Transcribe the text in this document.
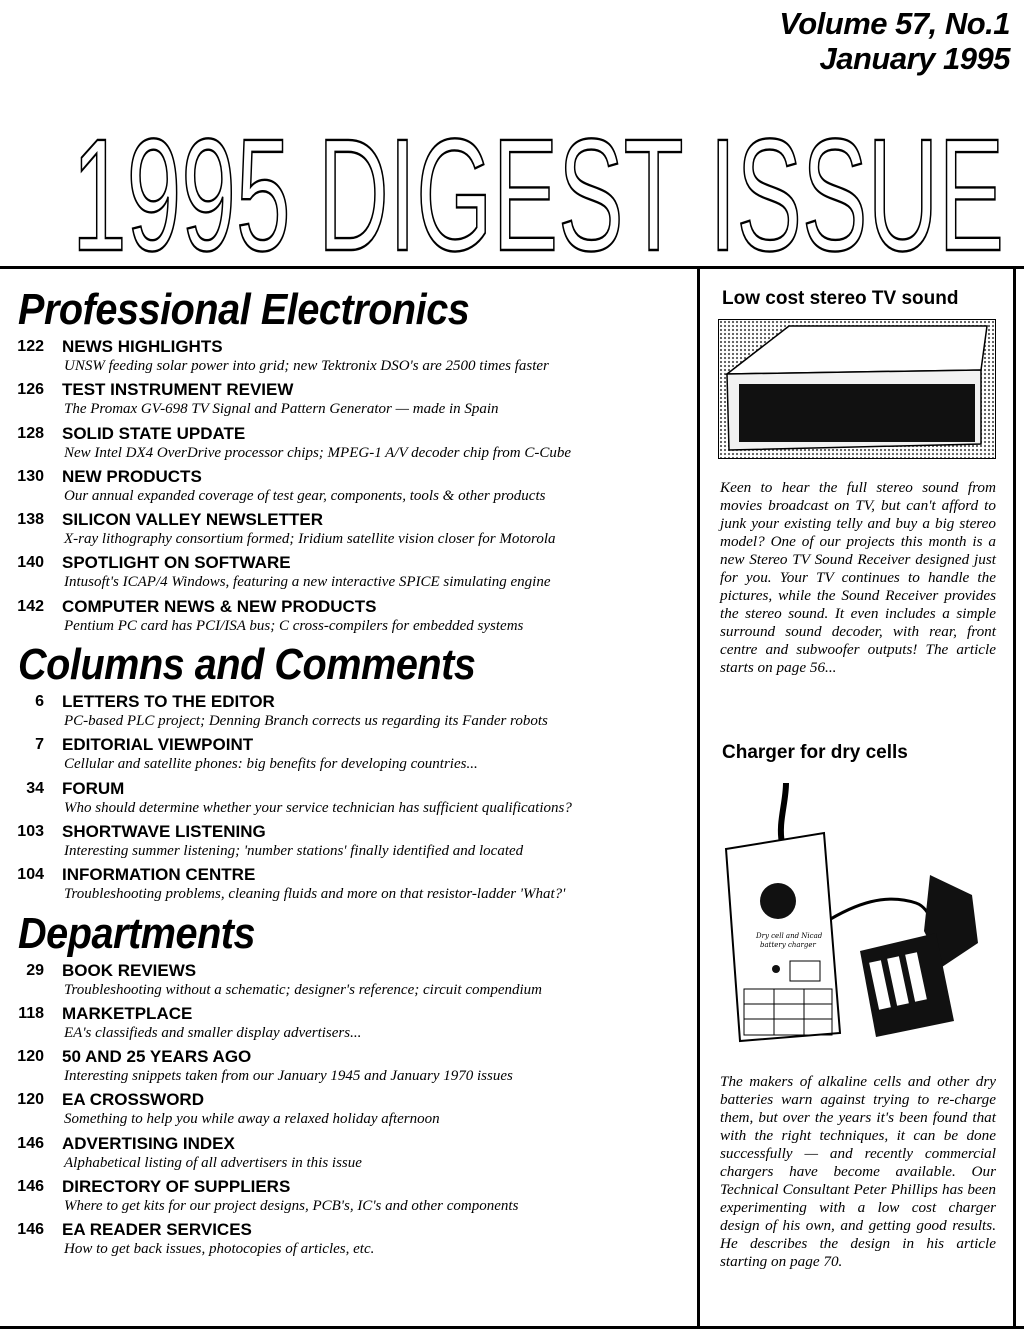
Volume 57, No.1
January 1995
1995 DIGEST ISSUE
Professional Electronics
122 NEWS HIGHLIGHTS
UNSW feeding solar power into grid; new Tektronix DSO's are 2500 times faster
126 TEST INSTRUMENT REVIEW
The Promax GV-698 TV Signal and Pattern Generator — made in Spain
128 SOLID STATE UPDATE
New Intel DX4 OverDrive processor chips; MPEG-1 A/V decoder chip from C-Cube
130 NEW PRODUCTS
Our annual expanded coverage of test gear, components, tools & other products
138 SILICON VALLEY NEWSLETTER
X-ray lithography consortium formed; Iridium satellite vision closer for Motorola
140 SPOTLIGHT ON SOFTWARE
Intusoft's ICAP/4 Windows, featuring a new interactive SPICE simulating engine
142 COMPUTER NEWS & NEW PRODUCTS
Pentium PC card has PCI/ISA bus; C cross-compilers for embedded systems
Columns and Comments
6 LETTERS TO THE EDITOR
PC-based PLC project; Denning Branch corrects us regarding its Fander robots
7 EDITORIAL VIEWPOINT
Cellular and satellite phones: big benefits for developing countries...
34 FORUM
Who should determine whether your service technician has sufficient qualifications?
103 SHORTWAVE LISTENING
Interesting summer listening; 'number stations' finally identified and located
104 INFORMATION CENTRE
Troubleshooting problems, cleaning fluids and more on that resistor-ladder 'What?'
Departments
29 BOOK REVIEWS
Troubleshooting without a schematic; designer's reference; circuit compendium
118 MARKETPLACE
EA's classifieds and smaller display advertisers...
120 50 AND 25 YEARS AGO
Interesting snippets taken from our January 1945 and January 1970 issues
120 EA CROSSWORD
Something to help you while away a relaxed holiday afternoon
146 ADVERTISING INDEX
Alphabetical listing of all advertisers in this issue
146 DIRECTORY OF SUPPLIERS
Where to get kits for our project designs, PCB's, IC's and other components
146 EA READER SERVICES
How to get back issues, photocopies of articles, etc.
Low cost stereo TV sound

Keen to hear the full stereo sound from movies broadcast on TV, but can't afford to junk your existing telly and buy a big stereo model? One of our projects this month is a new Stereo TV Sound Receiver designed just for you. Your TV continues to handle the pictures, while the Sound Receiver provides the stereo sound. It even includes a simple surround sound decoder, with rear, front centre and subwoofer outputs! The article starts on page 56...

Charger for dry cells
Dry cell and Nicad
battery charger

The makers of alkaline cells and other dry batteries warn against trying to re-charge them, but over the years it's been found that with the right techniques, it can be done successfully — and recently commercial chargers have become available. Our Technical Consultant Peter Phillips has been experimenting with a low cost charger design of his own, and getting good results. He describes the design in his article starting on page 70.
